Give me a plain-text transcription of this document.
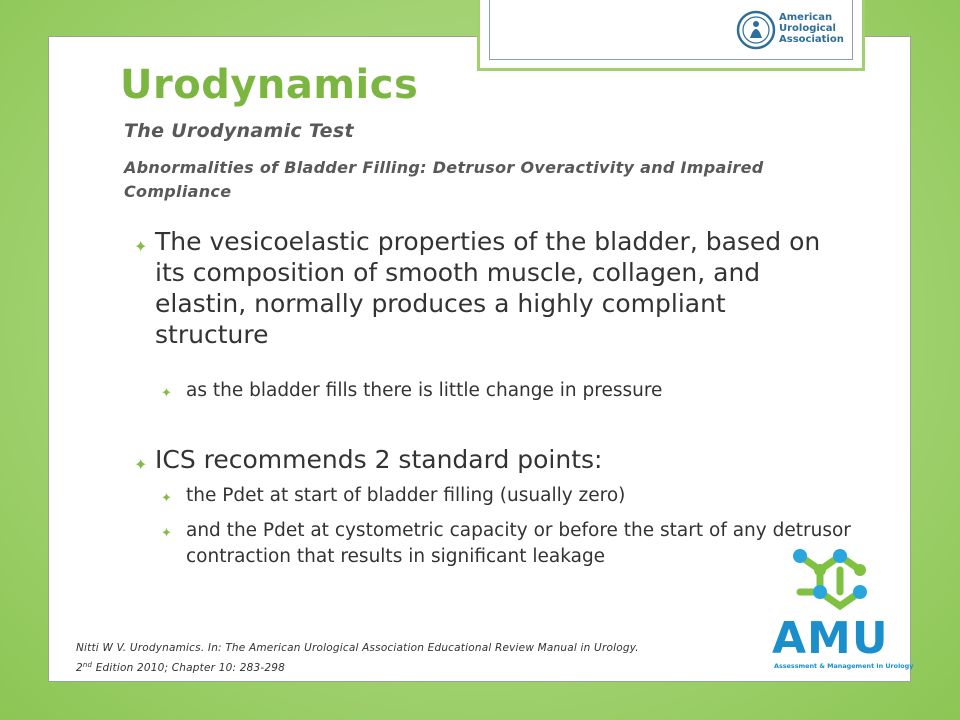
American
Urological
Association
Urodynamics
The Urodynamic Test
Abnormalities of Bladder Filling: Detrusor Overactivity and Impaired Compliance
✦ The vesicoelastic properties of the bladder, based on its composition of smooth muscle, collagen, and elastin, normally produces a highly compliant structure
✦ as the bladder fills there is little change in pressure
✦ ICS recommends 2 standard points:
✦ the Pdet at start of bladder filling (usually zero)
✦ and the Pdet at cystometric capacity or before the start of any detrusor contraction that results in significant leakage
Nitti W V. Urodynamics. In: The American Urological Association Educational Review Manual in Urology.
2nd Edition 2010; Chapter 10: 283-298
AMU
Assessment & Management in Urology
